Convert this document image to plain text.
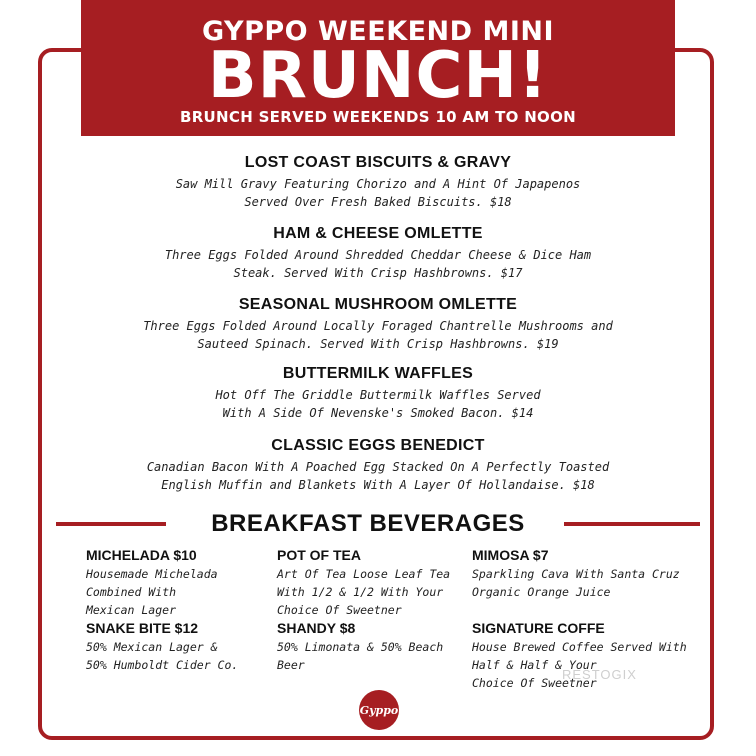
GYPPO WEEKEND MINI
BRUNCH!
BRUNCH SERVED WEEKENDS 10 AM TO NOON
LOST COAST BISCUITS & GRAVY
Saw Mill Gravy Featuring Chorizo and A Hint Of Japapenos
Served Over Fresh Baked Biscuits. $18
HAM & CHEESE OMLETTE
Three Eggs Folded Around Shredded Cheddar Cheese & Dice Ham
Steak. Served With Crisp Hashbrowns. $17
SEASONAL MUSHROOM OMLETTE
Three Eggs Folded Around Locally Foraged Chantrelle Mushrooms and
Sauteed Spinach. Served With Crisp Hashbrowns. $19
BUTTERMILK WAFFLES
Hot Off The Griddle Buttermilk Waffles Served
With A Side Of Nevenske's Smoked Bacon. $14
CLASSIC EGGS BENEDICT
Canadian Bacon With A Poached Egg Stacked On A Perfectly Toasted
English Muffin and Blankets With A Layer Of Hollandaise. $18
BREAKFAST BEVERAGES
MICHELADA $10
Housemade Michelada
Combined With
Mexican Lager
POT OF TEA
Art Of Tea Loose Leaf Tea
With 1/2 & 1/2 With Your
Choice Of Sweetner
MIMOSA $7
Sparkling Cava With Santa Cruz
Organic Orange Juice
SNAKE BITE $12
50% Mexican Lager &
50% Humboldt Cider Co.
SHANDY $8
50% Limonata & 50% Beach
Beer
SIGNATURE COFFE
House Brewed Coffee Served With
Half & Half & Your
Choice Of Sweetner
RESTOGIX
Gyppo
